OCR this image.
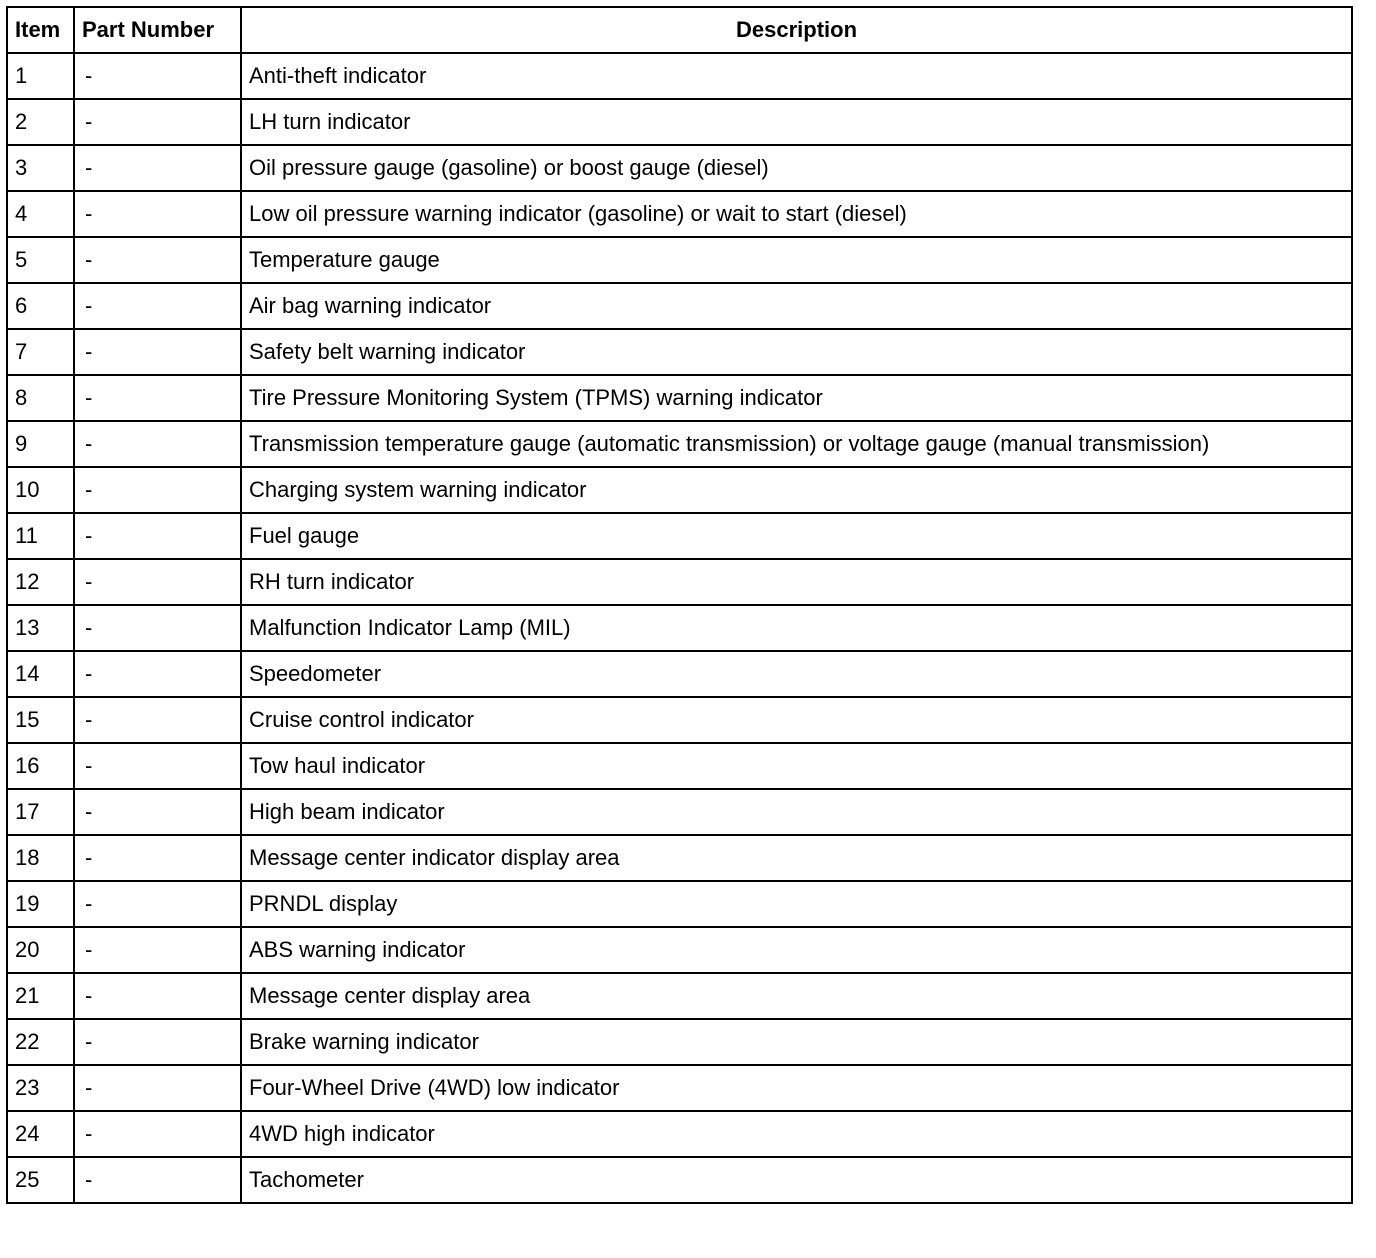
Item	Part Number	Description
1	-	Anti-theft indicator
2	-	LH turn indicator
3	-	Oil pressure gauge (gasoline) or boost gauge (diesel)
4	-	Low oil pressure warning indicator (gasoline) or wait to start (diesel)
5	-	Temperature gauge
6	-	Air bag warning indicator
7	-	Safety belt warning indicator
8	-	Tire Pressure Monitoring System (TPMS) warning indicator
9	-	Transmission temperature gauge (automatic transmission) or voltage gauge (manual transmission)
10	-	Charging system warning indicator
11	-	Fuel gauge
12	-	RH turn indicator
13	-	Malfunction Indicator Lamp (MIL)
14	-	Speedometer
15	-	Cruise control indicator
16	-	Tow haul indicator
17	-	High beam indicator
18	-	Message center indicator display area
19	-	PRNDL display
20	-	ABS warning indicator
21	-	Message center display area
22	-	Brake warning indicator
23	-	Four-Wheel Drive (4WD) low indicator
24	-	4WD high indicator
25	-	Tachometer
